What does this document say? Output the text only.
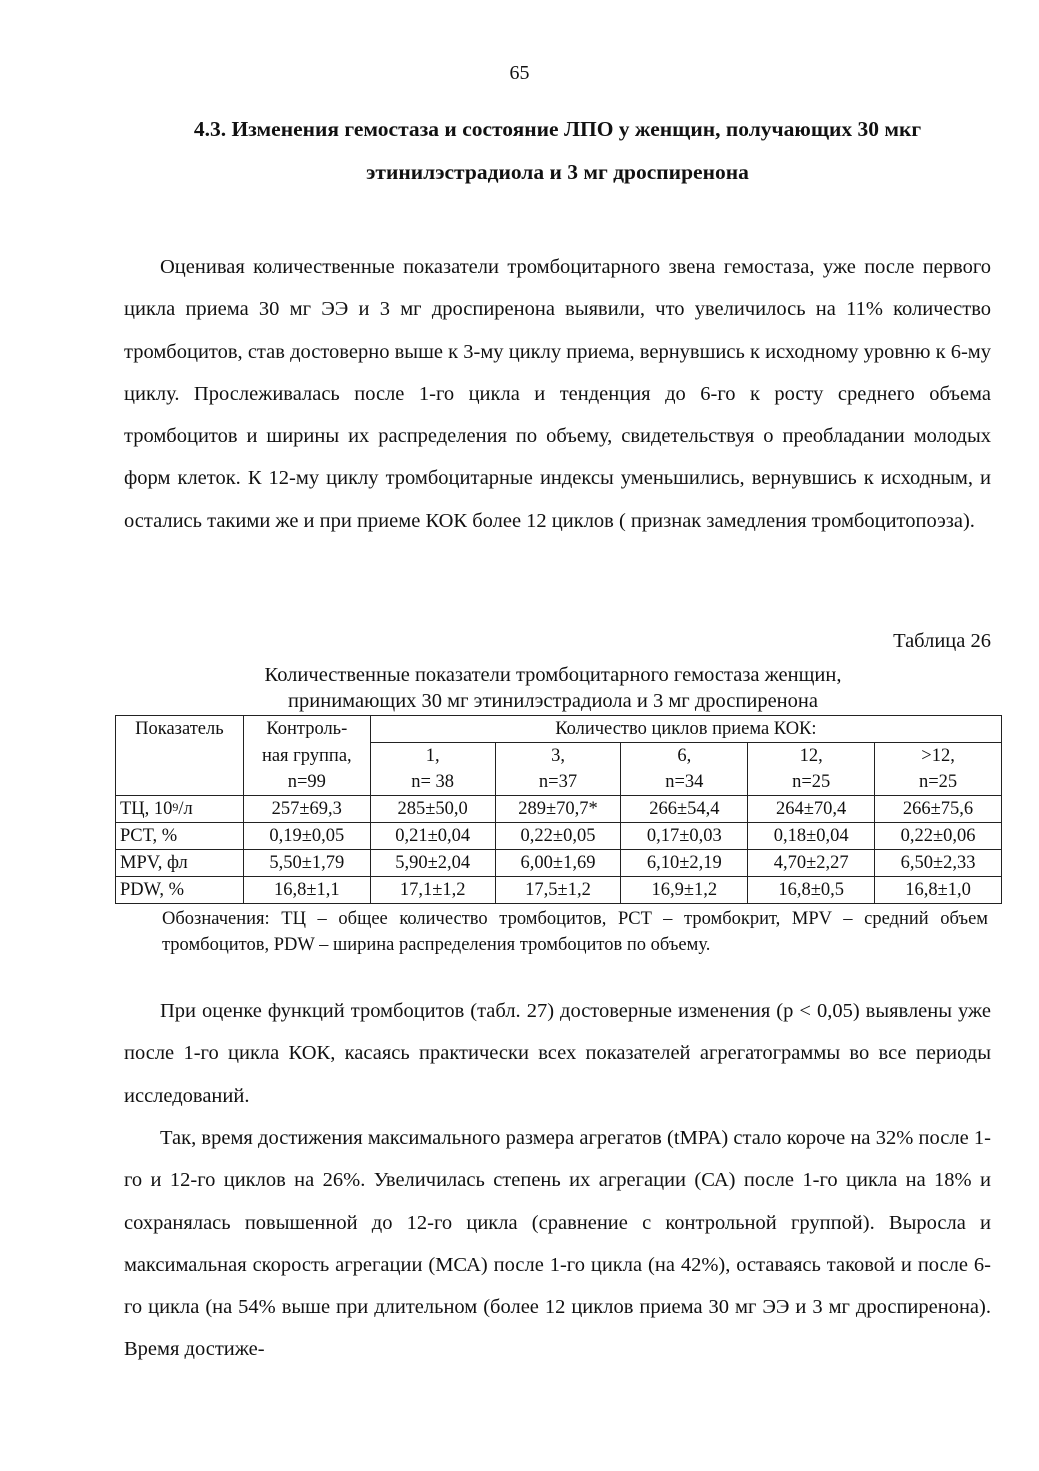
65
4.3. Изменения гемостаза и состояние ЛПО у женщин, получающих 30 мкг этинилэстрадиола и 3 мг дроспиренона

Оценивая количественные показатели тромбоцитарного звена гемостаза, уже после первого цикла приема 30 мг ЭЭ и 3 мг дроспиренона выявили, что увеличилось на 11% количество тромбоцитов, став достоверно выше к 3-му циклу приема, вернувшись к исходному уровню к 6-му циклу. Прослеживалась после 1-го цикла и тенденция до 6-го к росту среднего объема тромбоцитов и ширины их распределения по объему, свидетельствуя о преобладании молодых форм клеток. К 12-му циклу тромбоцитарные индексы уменьшились, вернувшись к исходным, и остались такими же и при приеме КОК более 12 циклов ( признак замедления тромбоцитопоэза).

Таблица 26
Количественные показатели тромбоцитарного гемостаза женщин,
принимающих 30 мг этинилэстрадиола и 3 мг дроспиренона
Показатель	Контроль-	Количество циклов приема КОК:				
	ная группа,	1,	3,	6,	12,	>12,
	n=99	n= 38	n=37	n=34	n=25	n=25
ТЦ, $10^9/л$	257±69,3	285±50,0	289±70,7*	266±54,4	264±70,4	266±75,6
PCT, %	0,19±0,05	0,21±0,04	0,22±0,05	0,17±0,03	0,18±0,04	0,22±0,06
MPV, фл	5,50±1,79	5,90±2,04	6,00±1,69	6,10±2,19	4,70±2,27	6,50±2,33
PDW, %	16,8±1,1	17,1±1,2	17,5±1,2	16,9±1,2	16,8±0,5	16,8±1,0
Обозначения: ТЦ – общее количество тромбоцитов, PCT – тромбокрит, MPV – средний объем тромбоцитов, PDW – ширина распределения тромбоцитов по объему.

При оценке функций тромбоцитов (табл. 27) достоверные изменения (р < 0,05) выявлены уже после 1-го цикла КОК, касаясь практически всех показателей агрегатограммы во все периоды исследований.

Так, время достижения максимального размера агрегатов (tМРА) стало короче на 32% после 1-го и 12-го циклов на 26%. Увеличилась степень их агрегации (СА) после 1-го цикла на 18% и сохранялась повышенной до 12-го цикла (сравнение с контрольной группой). Выросла и максимальная скорость агрегации (МСА) после 1-го цикла (на 42%), оставаясь таковой и после 6-го цикла (на 54% выше при длительном (более 12 циклов приема 30 мг ЭЭ и 3 мг дроспиренона). Время достиже-
